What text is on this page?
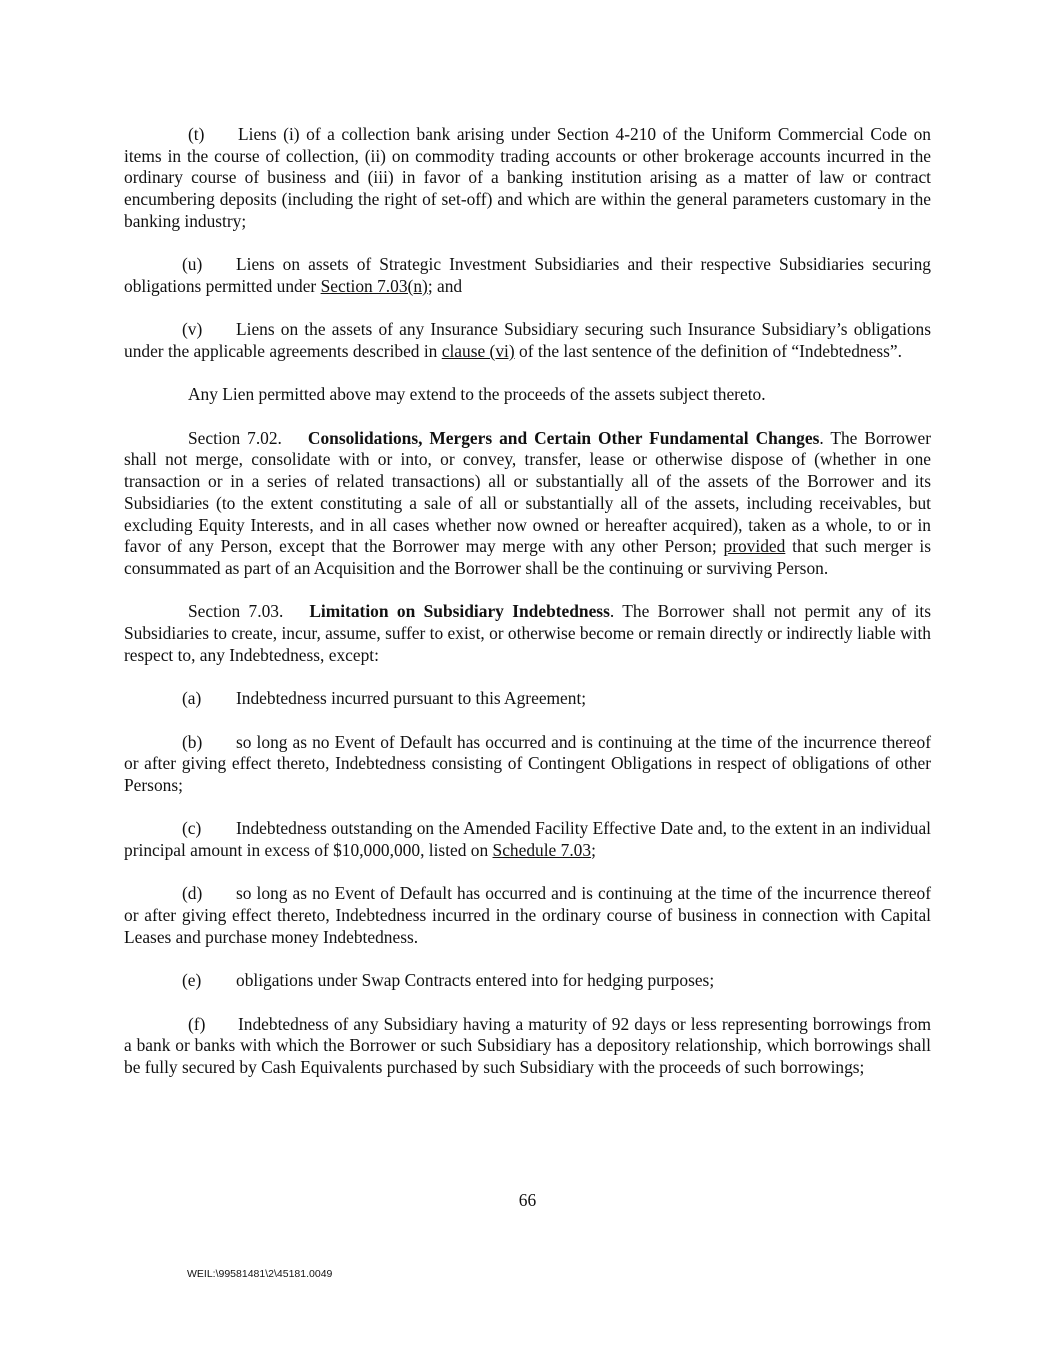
(t) Liens (i) of a collection bank arising under Section 4-210 of the Uniform Commercial Code on items in the course of collection, (ii) on commodity trading accounts or other brokerage accounts incurred in the ordinary course of business and (iii) in favor of a banking institution arising as a matter of law or contract encumbering deposits (including the right of set-off) and which are within the general parameters customary in the banking industry;

(u) Liens on assets of Strategic Investment Subsidiaries and their respective Subsidiaries securing obligations permitted under Section 7.03(n); and

(v) Liens on the assets of any Insurance Subsidiary securing such Insurance Subsidiary’s obligations under the applicable agreements described in clause (vi) of the last sentence of the definition of “Indebtedness”.

Any Lien permitted above may extend to the proceeds of the assets subject thereto.

Section 7.02. Consolidations, Mergers and Certain Other Fundamental Changes. The Borrower shall not merge, consolidate with or into, or convey, transfer, lease or otherwise dispose of (whether in one transaction or in a series of related transactions) all or substantially all of the assets of the Borrower and its Subsidiaries (to the extent constituting a sale of all or substantially all of the assets, including receivables, but excluding Equity Interests, and in all cases whether now owned or hereafter acquired), taken as a whole, to or in favor of any Person, except that the Borrower may merge with any other Person; provided that such merger is consummated as part of an Acquisition and the Borrower shall be the continuing or surviving Person.

Section 7.03. Limitation on Subsidiary Indebtedness. The Borrower shall not permit any of its Subsidiaries to create, incur, assume, suffer to exist, or otherwise become or remain directly or indirectly liable with respect to, any Indebtedness, except:

(a) Indebtedness incurred pursuant to this Agreement;

(b) so long as no Event of Default has occurred and is continuing at the time of the incurrence thereof or after giving effect thereto, Indebtedness consisting of Contingent Obligations in respect of obligations of other Persons;

(c) Indebtedness outstanding on the Amended Facility Effective Date and, to the extent in an individual principal amount in excess of $10,000,000, listed on Schedule 7.03;

(d) so long as no Event of Default has occurred and is continuing at the time of the incurrence thereof or after giving effect thereto, Indebtedness incurred in the ordinary course of business in connection with Capital Leases and purchase money Indebtedness.

(e) obligations under Swap Contracts entered into for hedging purposes;

(f) Indebtedness of any Subsidiary having a maturity of 92 days or less representing borrowings from a bank or banks with which the Borrower or such Subsidiary has a depository relationship, which borrowings shall be fully secured by Cash Equivalents purchased by such Subsidiary with the proceeds of such borrowings;

66
WEIL:\99581481\2\45181.0049
